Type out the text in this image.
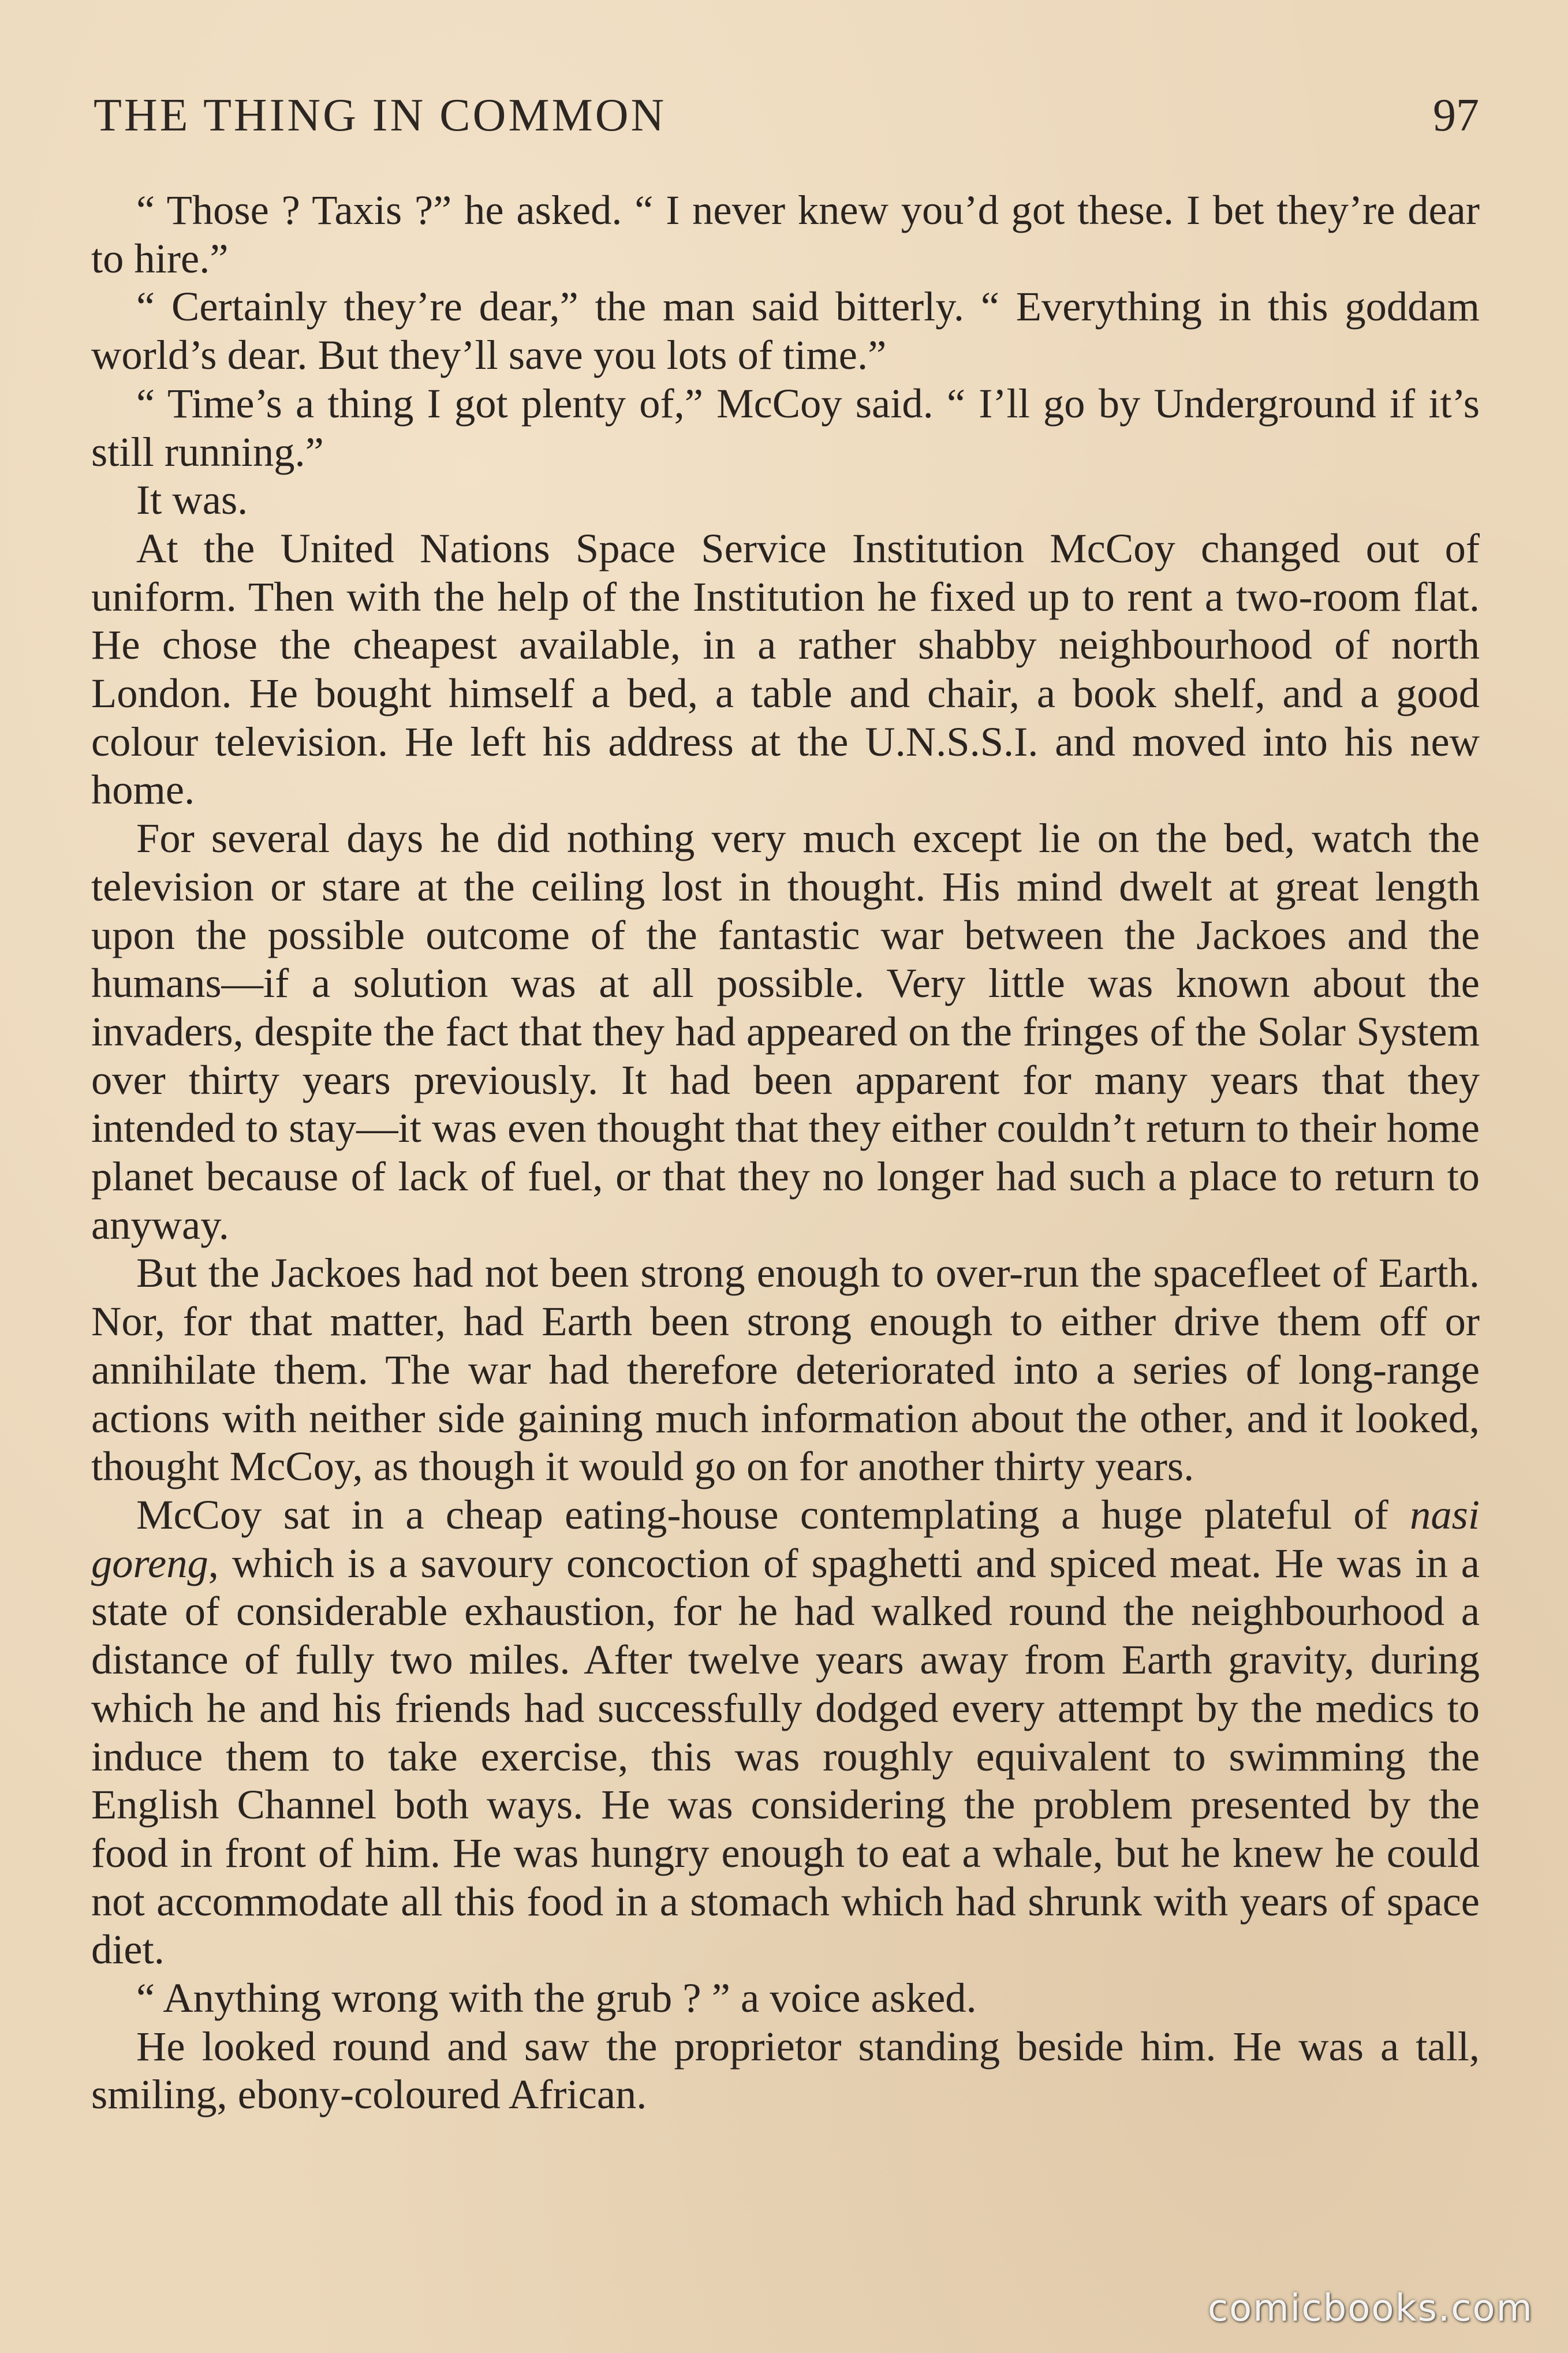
THE THING IN COMMON	97

“ Those ? Taxis ?” he asked. “ I never knew you’d got these. I bet they’re dear to hire.”

“ Certainly they’re dear,” the man said bitterly. “ Everything in this goddam world’s dear. But they’ll save you lots of time.”

“ Time’s a thing I got plenty of,” McCoy said. “ I’ll go by Underground if it’s still running.”

It was.

At the United Nations Space Service Institution McCoy changed out of uniform. Then with the help of the Institution he fixed up to rent a two-room flat. He chose the cheapest available, in a rather shabby neighbourhood of north London. He bought himself a bed, a table and chair, a book shelf, and a good colour television. He left his address at the U.N.S.S.I. and moved into his new home.

For several days he did nothing very much except lie on the bed, watch the television or stare at the ceiling lost in thought. His mind dwelt at great length upon the possible outcome of the fantastic war between the Jackoes and the humans—if a solution was at all possible. Very little was known about the invaders, despite the fact that they had appeared on the fringes of the Solar System over thirty years previously. It had been apparent for many years that they intended to stay—it was even thought that they either couldn’t return to their home planet because of lack of fuel, or that they no longer had such a place to return to anyway.

But the Jackoes had not been strong enough to over-run the spacefleet of Earth. Nor, for that matter, had Earth been strong enough to either drive them off or annihilate them. The war had therefore deteriorated into a series of long-range actions with neither side gaining much information about the other, and it looked, thought McCoy, as though it would go on for another thirty years.

McCoy sat in a cheap eating-house contemplating a huge plateful of nasi goreng, which is a savoury concoction of spaghetti and spiced meat. He was in a state of considerable exhaustion, for he had walked round the neighbourhood a distance of fully two miles. After twelve years away from Earth gravity, during which he and his friends had successfully dodged every attempt by the medics to induce them to take exercise, this was roughly equivalent to swimming the English Channel both ways. He was considering the problem presented by the food in front of him. He was hungry enough to eat a whale, but he knew he could not accommodate all this food in a stomach which had shrunk with years of space diet.

“ Anything wrong with the grub ? ” a voice asked.

He looked round and saw the proprietor standing beside him. He was a tall, smiling, ebony-coloured African.

comicbooks.com
